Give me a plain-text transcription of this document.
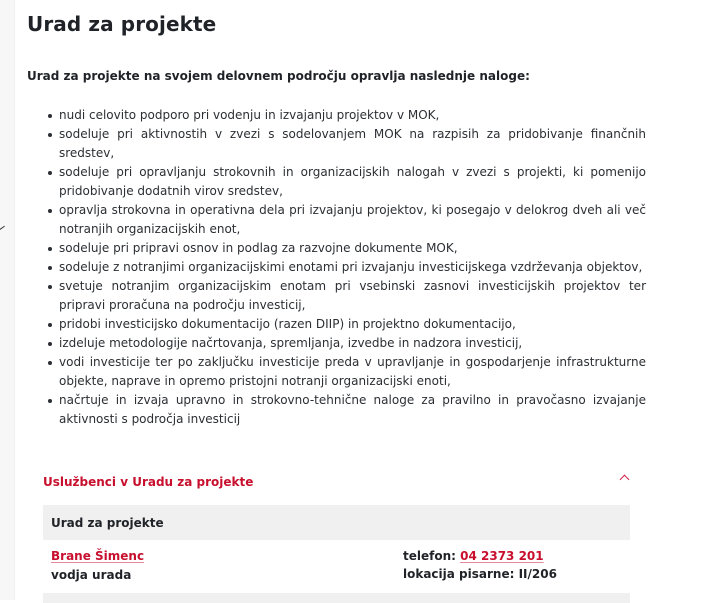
Urad za projekte

Urad za projekte na svojem delovnem področju opravlja naslednje naloge:

nudi celovito podporo pri vodenju in izvajanju projektov v MOK,
sodeluje pri aktivnostih v zvezi s sodelovanjem MOK na razpisih za pridobivanje finančnih sredstev,
sodeluje pri opravljanju strokovnih in organizacijskih nalogah v zvezi s projekti, ki pomenijo pridobivanje dodatnih virov sredstev,
opravlja strokovna in operativna dela pri izvajanju projektov, ki posegajo v delokrog dveh ali več notranjih organizacijskih enot,
sodeluje pri pripravi osnov in podlag za razvojne dokumente MOK,
sodeluje z notranjimi organizacijskimi enotami pri izvajanju investicijskega vzdrževanja objektov,
svetuje notranjim organizacijskim enotam pri vsebinski zasnovi investicijskih projektov ter pripravi proračuna na področju investicij,
pridobi investicijsko dokumentacijo (razen DIIP) in projektno dokumentacijo,
izdeluje metodologije načrtovanja, spremljanja, izvedbe in nadzora investicij,
vodi investicije ter po zaključku investicije preda v upravljanje in gospodarjenje infrastrukturne objekte, naprave in opremo pristojni notranji organizacijski enoti,
načrtuje in izvaja upravno in strokovno-tehnične naloge za pravilno in pravočasno izvajanje aktivnosti s področja investicij
Uslužbenci v Uradu za projekte
Urad za projekte
Brane Šimenc
vodja urada
telefon: 04 2373 201
lokacija pisarne: II/206
